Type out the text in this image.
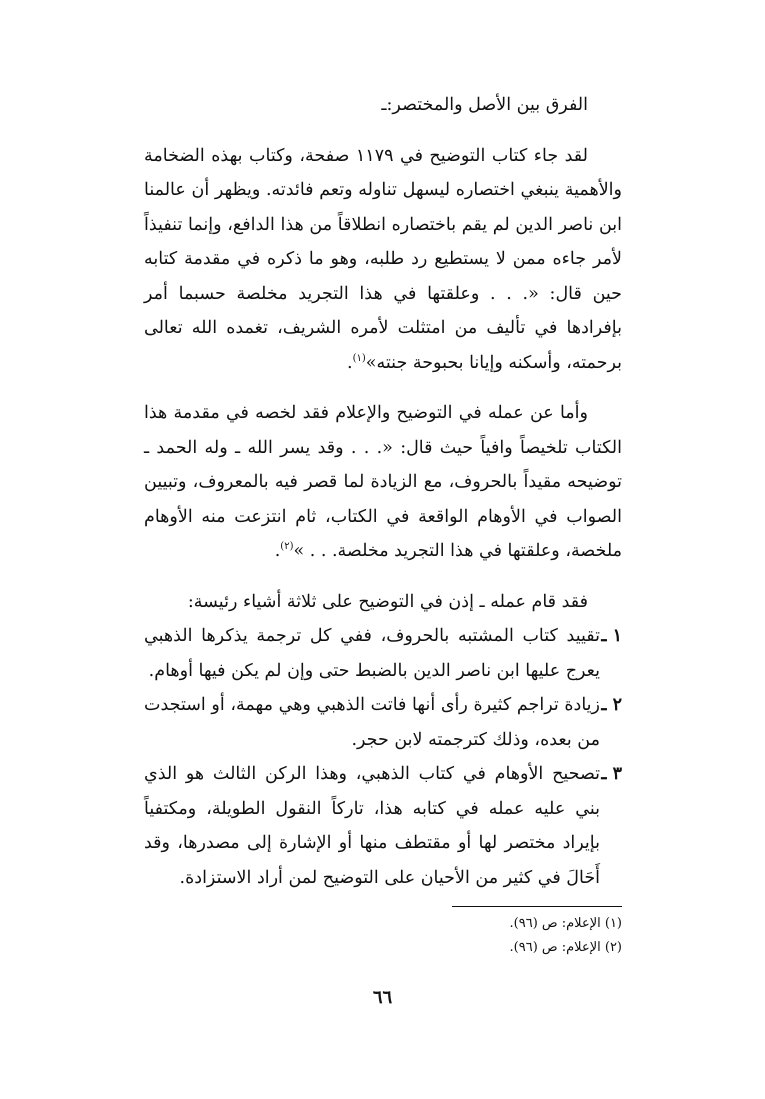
الفرق بين الأصل والمختصر:ـ

لقد جاء كتاب التوضيح في ١١٧٩ صفحة، وكتاب بهذه الضخامة والأهمية ينبغي اختصاره ليسهل تناوله وتعم فائدته. ويظهر أن عالمنا ابن ناصر الدين لم يقم باختصاره انطلاقاً من هذا الدافع، وإنما تنفيذاً لأمر جاءه ممن لا يستطيع رد طلبه، وهو ما ذكره في مقدمة كتابه حين قال: «. . . وعلقتها في هذا التجريد مخلصة حسبما أمر بإفرادها في تأليف من امتثلت لأمره الشريف، تغمده الله تعالى برحمته، وأسكنه وإيانا بحبوحة جنته»$^{(١)}$.

وأما عن عمله في التوضيح والإعلام فقد لخصه في مقدمة هذا الكتاب تلخيصاً وافياً حيث قال: «. . . وقد يسر الله ـ وله الحمد ـ توضيحه مقيداً بالحروف، مع الزيادة لما قصر فيه بالمعروف، وتبيين الصواب في الأوهام الواقعة في الكتاب، ثام انتزعت منه الأوهام ملخصة، وعلقتها في هذا التجريد مخلصة. . . »$^{(٢)}$.

فقد قام عمله ـ إذن في التوضيح على ثلاثة أشياء رئيسة:

١ ـ
تقييد كتاب المشتبه بالحروف، ففي كل ترجمة يذكرها الذهبي يعرج عليها ابن ناصر الدين بالضبط حتى وإن لم يكن فيها أوهام.

٢ ـ
زيادة تراجم كثيرة رأى أنها فاتت الذهبي وهي مهمة، أو استجدت من بعده، وذلك كترجمته لابن حجر.

٣ ـ
تصحيح الأوهام في كتاب الذهبي، وهذا الركن الثالث هو الذي بني عليه عمله في كتابه هذا، تاركاً النقول الطويلة، ومكتفياً بإيراد مختصر لها أو مقتطف منها أو الإشارة إلى مصدرها، وقد أَحَالَ في كثير من الأحيان على التوضيح لمن أراد الاستزادة.

(١) الإعلام: ص (٩٦).

(٢) الإعلام: ص (٩٦).

٦٦
